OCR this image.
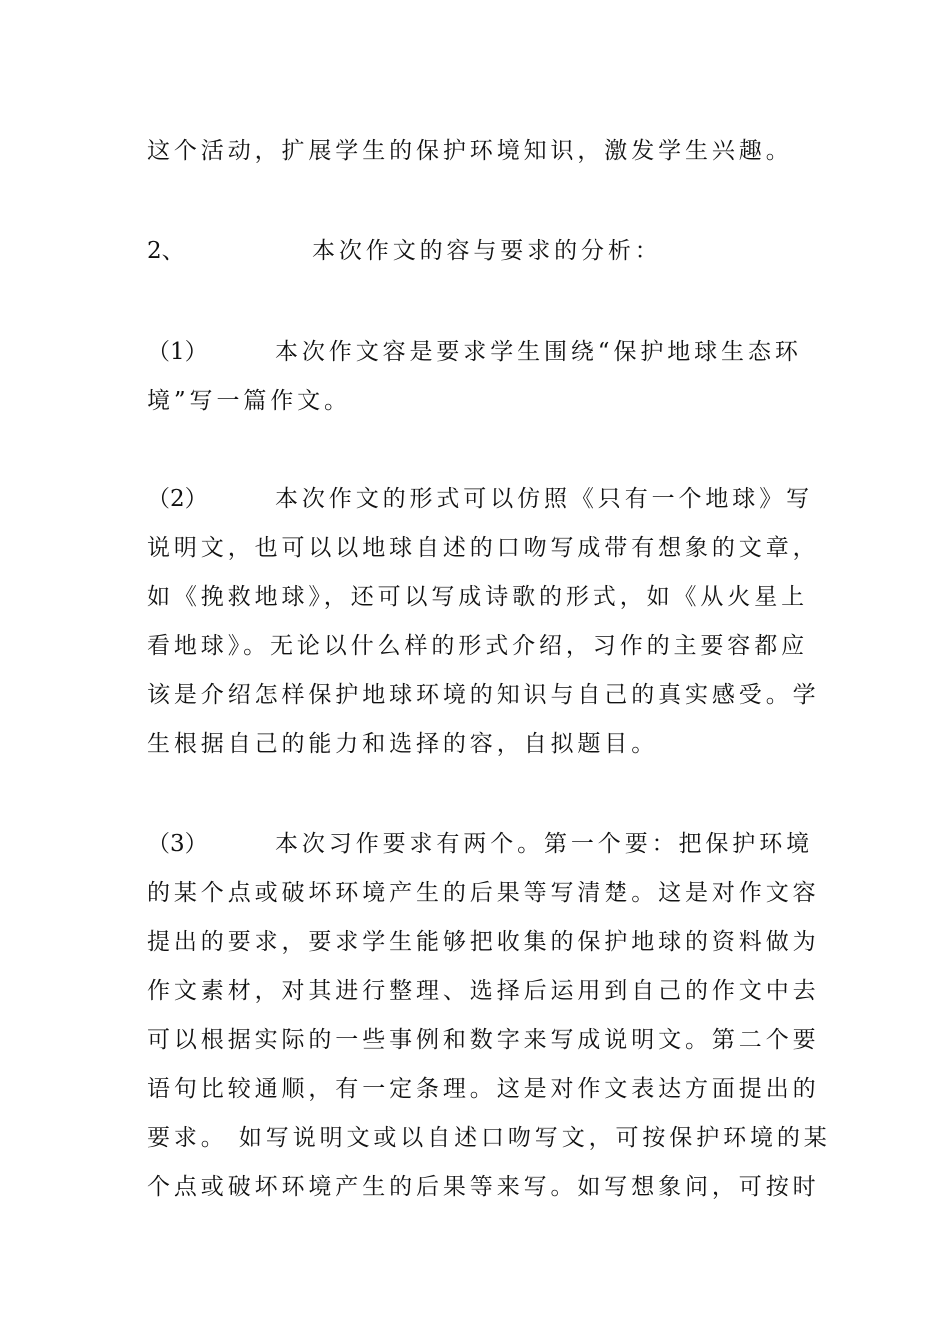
这个活动，扩展学生的保护环境知识，激发学生兴趣。
2、	本次作文的容与要求的分析：
（1）	本次作文容是要求学生围绕“保护地球生态环
境”写一篇作文。
（2）	本次作文的形式可以仿照《只有一个地球》写
说明文，也可以以地球自述的口吻写成带有想象的文章，
如《挽救地球》，还可以写成诗歌的形式，如《从火星上
看地球》。无论以什么样的形式介绍，习作的主要容都应
该是介绍怎样保护地球环境的知识与自己的真实感受。学
生根据自己的能力和选择的容，自拟题目。
（3）	本次习作要求有两个。第一个要：把保护环境
的某个点或破坏环境产生的后果等写清楚。这是对作文容
提出的要求，要求学生能够把收集的保护地球的资料做为
作文素材，对其进行整理、选择后运用到自己的作文中去
可以根据实际的一些事例和数字来写成说明文。第二个要
语句比较通顺，有一定条理。这是对作文表达方面提出的
要求。 如写说明文或以自述口吻写文，可按保护环境的某
个点或破坏环境产生的后果等来写。如写想象问，可按时
